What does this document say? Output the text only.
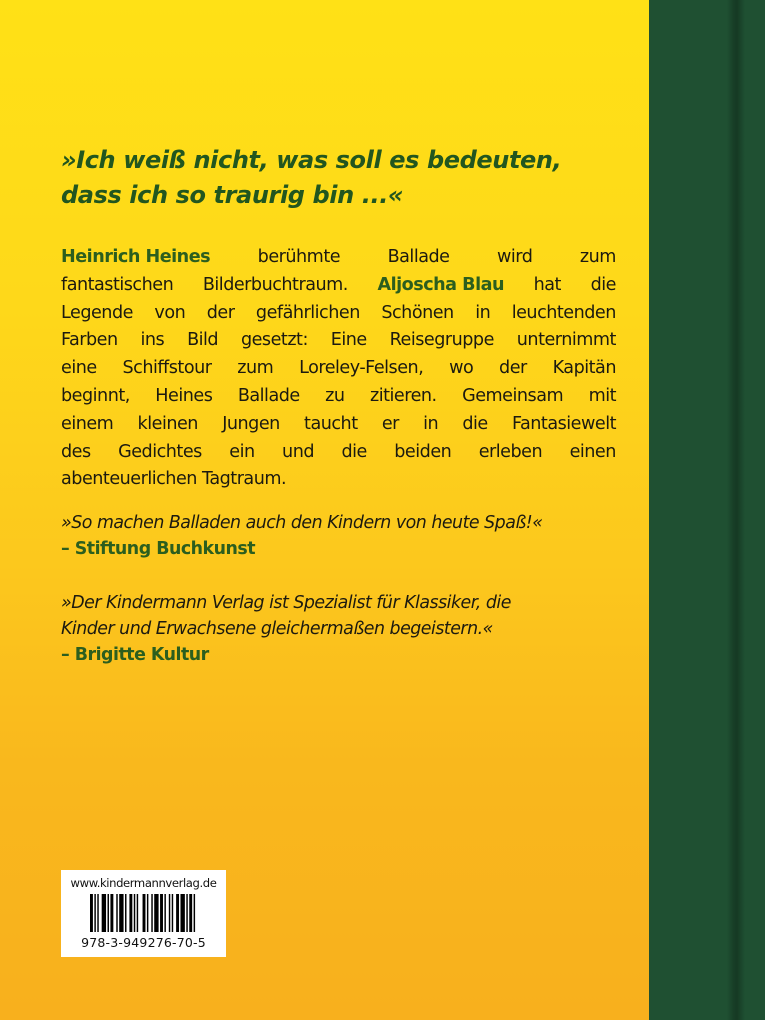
»Ich weiß nicht, was soll es bedeuten,
dass ich so traurig bin ...«
Heinrich Heines	berühmte	Ballade	wird	zum
fantastischen Bilderbuchtraum. Aljoscha Blau hat die
Legende von der gefährlichen Schönen in leuchtenden
Farben ins Bild gesetzt: Eine Reisegruppe unternimmt
eine Schiffstour zum Loreley-Felsen, wo der Kapitän
beginnt, Heines Ballade zu zitieren. Gemeinsam mit
einem kleinen Jungen taucht er in die Fantasiewelt
des Gedichtes ein und die beiden erleben einen
abenteuerlichen Tagtraum.
»So machen Balladen auch den Kindern von heute Spaß!«
– Stiftung Buchkunst
»Der Kindermann Verlag ist Spezialist für Klassiker, die
Kinder und Erwachsene gleichermaßen begeistern.«
– Brigitte Kultur
www.kindermannverlag.de
978-3-949276-70-5
